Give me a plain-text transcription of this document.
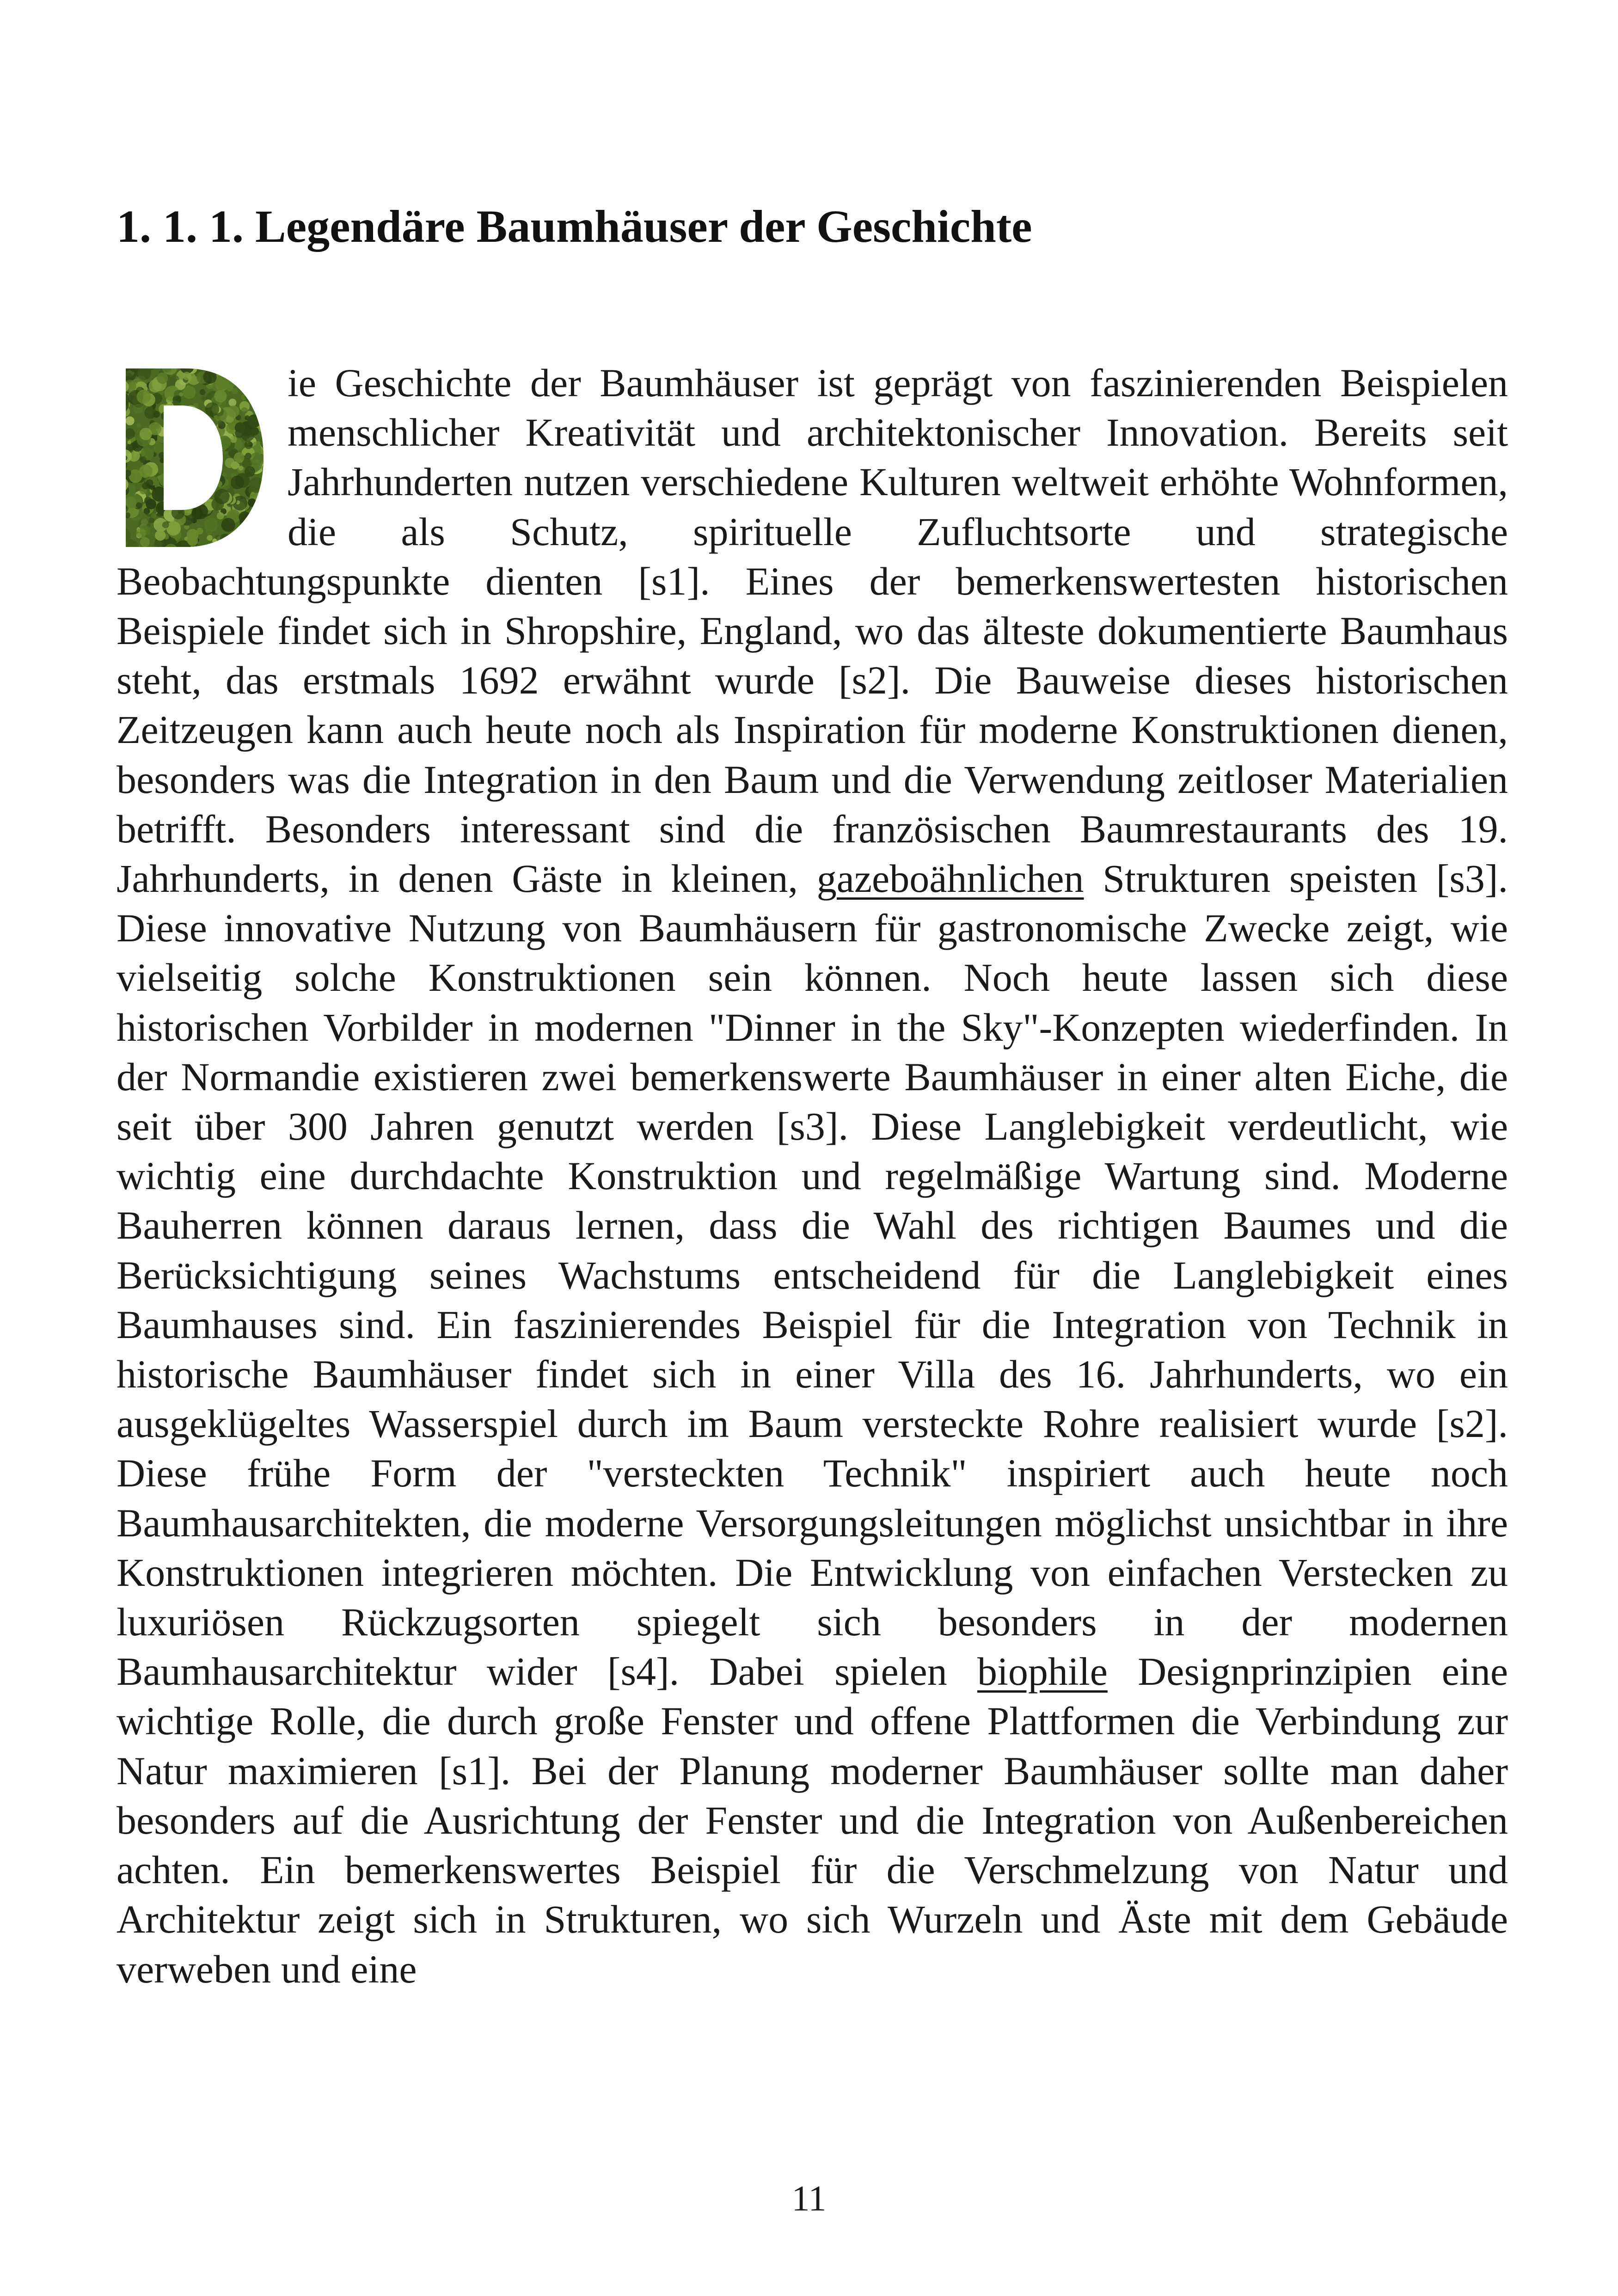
1. 1. 1. Legendäre Baumhäuser der Geschichte

ie Geschichte der Baumhäuser ist geprägt von faszinierenden Beispielen menschlicher Kreativität und architektonischer Innovation. Bereits seit Jahrhunderten nutzen verschiedene Kulturen weltweit erhöhte Wohnformen, die als Schutz, spirituelle Zufluchtsorte und strategische Beobachtungspunkte dienten [s1]. Eines der bemerkenswertesten historischen Beispiele findet sich in Shropshire, England, wo das älteste dokumentierte Baumhaus steht, das erstmals 1692 erwähnt wurde [s2]. Die Bauweise dieses historischen Zeitzeugen kann auch heute noch als Inspiration für moderne Konstruktionen dienen, besonders was die Integration in den Baum und die Verwendung zeitloser Materialien betrifft. Besonders interessant sind die französischen Baumrestaurants des 19. Jahrhunderts, in denen Gäste in kleinen, gazeboähnlichen Strukturen speisten [s3]. Diese innovative Nutzung von Baumhäusern für gastronomische Zwecke zeigt, wie vielseitig solche Konstruktionen sein können. Noch heute lassen sich diese historischen Vorbilder in modernen "Dinner in the Sky"-Konzepten wiederfinden. In der Normandie existieren zwei bemerkenswerte Baumhäuser in einer alten Eiche, die seit über 300 Jahren genutzt werden [s3]. Diese Langlebigkeit verdeutlicht, wie wichtig eine durchdachte Konstruktion und regelmäßige Wartung sind. Moderne Bauherren können daraus lernen, dass die Wahl des richtigen Baumes und die Berücksichtigung seines Wachstums entscheidend für die Langlebigkeit eines Baumhauses sind. Ein faszinierendes Beispiel für die Integration von Technik in historische Baumhäuser findet sich in einer Villa des 16. Jahrhunderts, wo ein ausgeklügeltes Wasserspiel durch im Baum versteckte Rohre realisiert wurde [s2]. Diese frühe Form der "versteckten Technik" inspiriert auch heute noch Baumhausarchitekten, die moderne Versorgungsleitungen möglichst unsichtbar in ihre Konstruktionen integrieren möchten. Die Entwicklung von einfachen Verstecken zu luxuriösen Rückzugsorten spiegelt sich besonders in der modernen Baumhausarchitektur wider [s4]. Dabei spielen biophile Designprinzipien eine wichtige Rolle, die durch große Fenster und offene Plattformen die Verbindung zur Natur maximieren [s1]. Bei der Planung moderner Baumhäuser sollte man daher besonders auf die Ausrichtung der Fenster und die Integration von Außenbereichen achten. Ein bemerkenswertes Beispiel für die Verschmelzung von Natur und Architektur zeigt sich in Strukturen, wo sich Wurzeln und Äste mit dem Gebäude verweben und eine

11
